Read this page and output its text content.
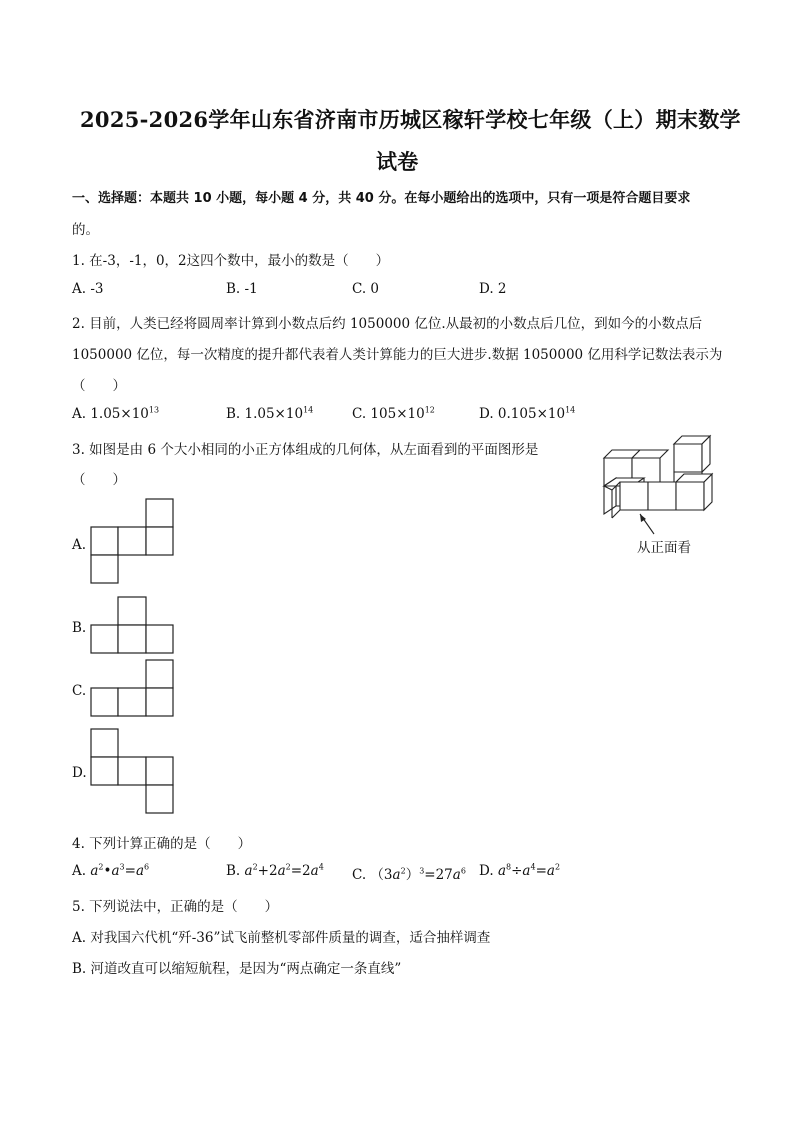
2025-2026学年山东省济南市历城区稼轩学校七年级（上）期末数学
试卷
一、选择题：本题共 10 小题，每小题 4 分，共 40 分。在每小题给出的选项中，只有一项是符合题目要求
的。
1. 在-3，-1，0，2这四个数中，最小的数是（　　）
A. -3	B. -1	C. 0	D. 2
2. 目前，人类已经将圆周率计算到小数点后约 1050000 亿位.从最初的小数点后几位，到如今的小数点后
1050000 亿位，每一次精度的提升都代表着人类计算能力的巨大进步.数据 1050000 亿用科学记数法表示为
（　　）
A. $1.05\times 10^{13}$	B. $1.05\times 10^{14}$	C. $105\times 10^{12}$	D. $0.105\times 10^{14}$
3. 如图是由 6 个大小相同的小正方体组成的几何体，从左面看到的平面图形是
（　　）
从正面看
A.
B.
C.
D.
4. 下列计算正确的是（　　）
A. $a^2•a^3=a^6$	B. $a^2+2a^2=2a^4$ C. $(3a^2)^3=27a^6$ D. $a^8\div a^4=a^2$
5. 下列说法中，正确的是（　　）
A. 对我国六代机“歼-36”试飞前整机零部件质量的调查，适合抽样调查
B. 河道改直可以缩短航程，是因为“两点确定一条直线”
